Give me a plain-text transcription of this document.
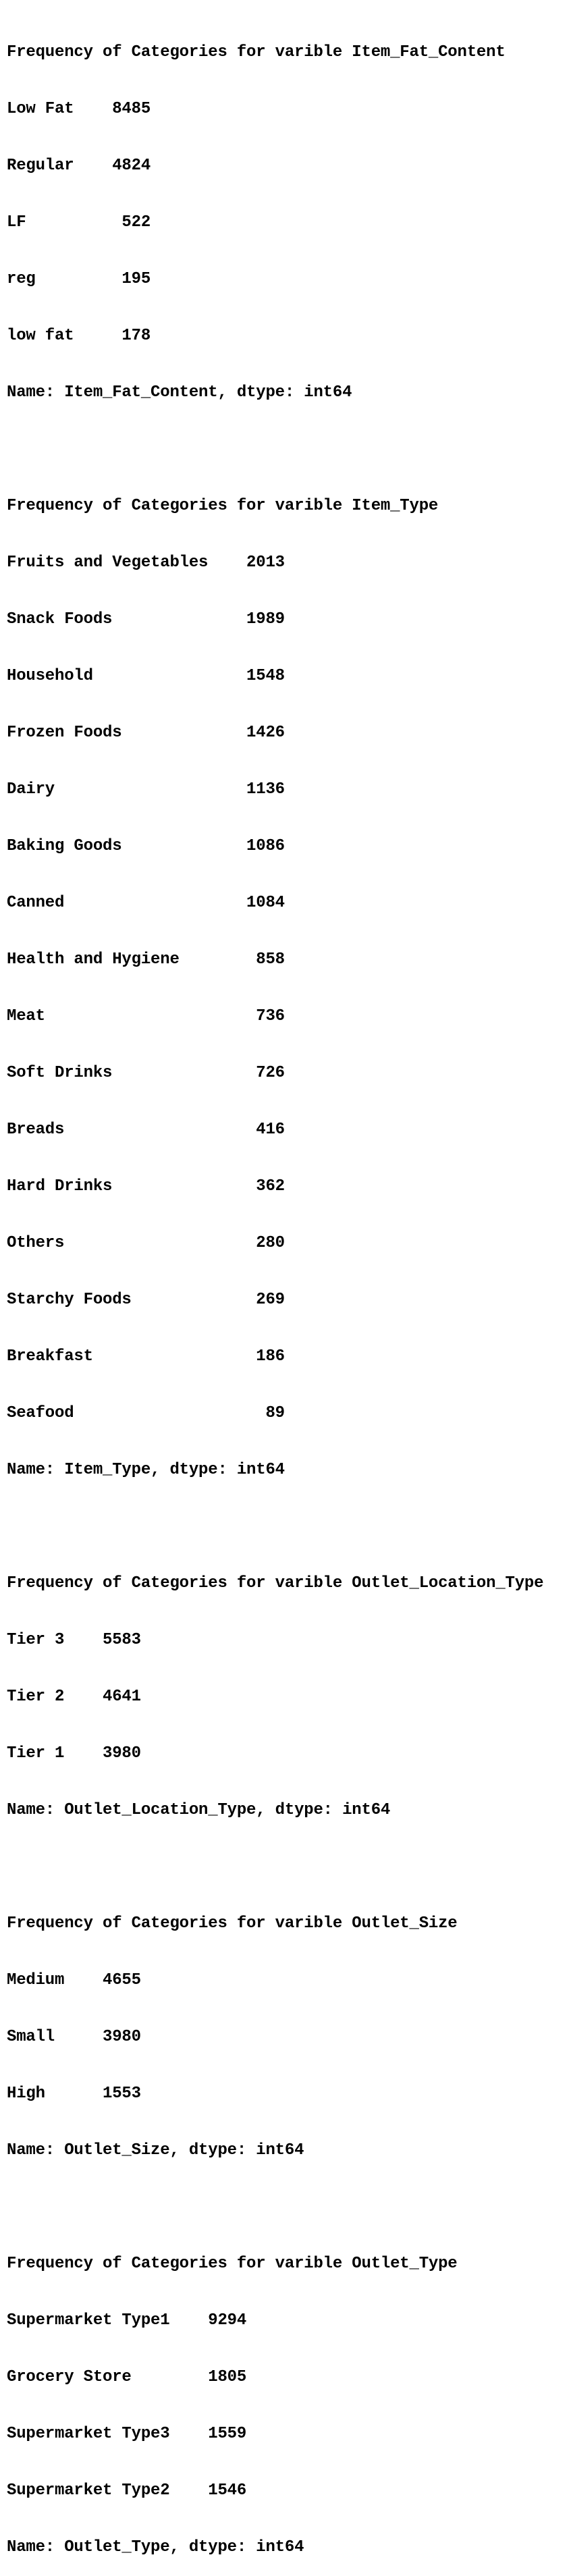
Frequency of Categories for varible Item_Fat_Content

Low Fat    8485

Regular    4824

LF          522

reg         195

low fat     178

Name: Item_Fat_Content, dtype: int64

Frequency of Categories for varible Item_Type

Fruits and Vegetables    2013

Snack Foods              1989

Household                1548

Frozen Foods             1426

Dairy                    1136

Baking Goods             1086

Canned                   1084

Health and Hygiene        858

Meat                      736

Soft Drinks               726

Breads                    416

Hard Drinks               362

Others                    280

Starchy Foods             269

Breakfast                 186

Seafood                    89

Name: Item_Type, dtype: int64

Frequency of Categories for varible Outlet_Location_Type

Tier 3    5583

Tier 2    4641

Tier 1    3980

Name: Outlet_Location_Type, dtype: int64

Frequency of Categories for varible Outlet_Size

Medium    4655

Small     3980

High      1553

Name: Outlet_Size, dtype: int64

Frequency of Categories for varible Outlet_Type

Supermarket Type1    9294

Grocery Store        1805

Supermarket Type3    1559

Supermarket Type2    1546

Name: Outlet_Type, dtype: int64
